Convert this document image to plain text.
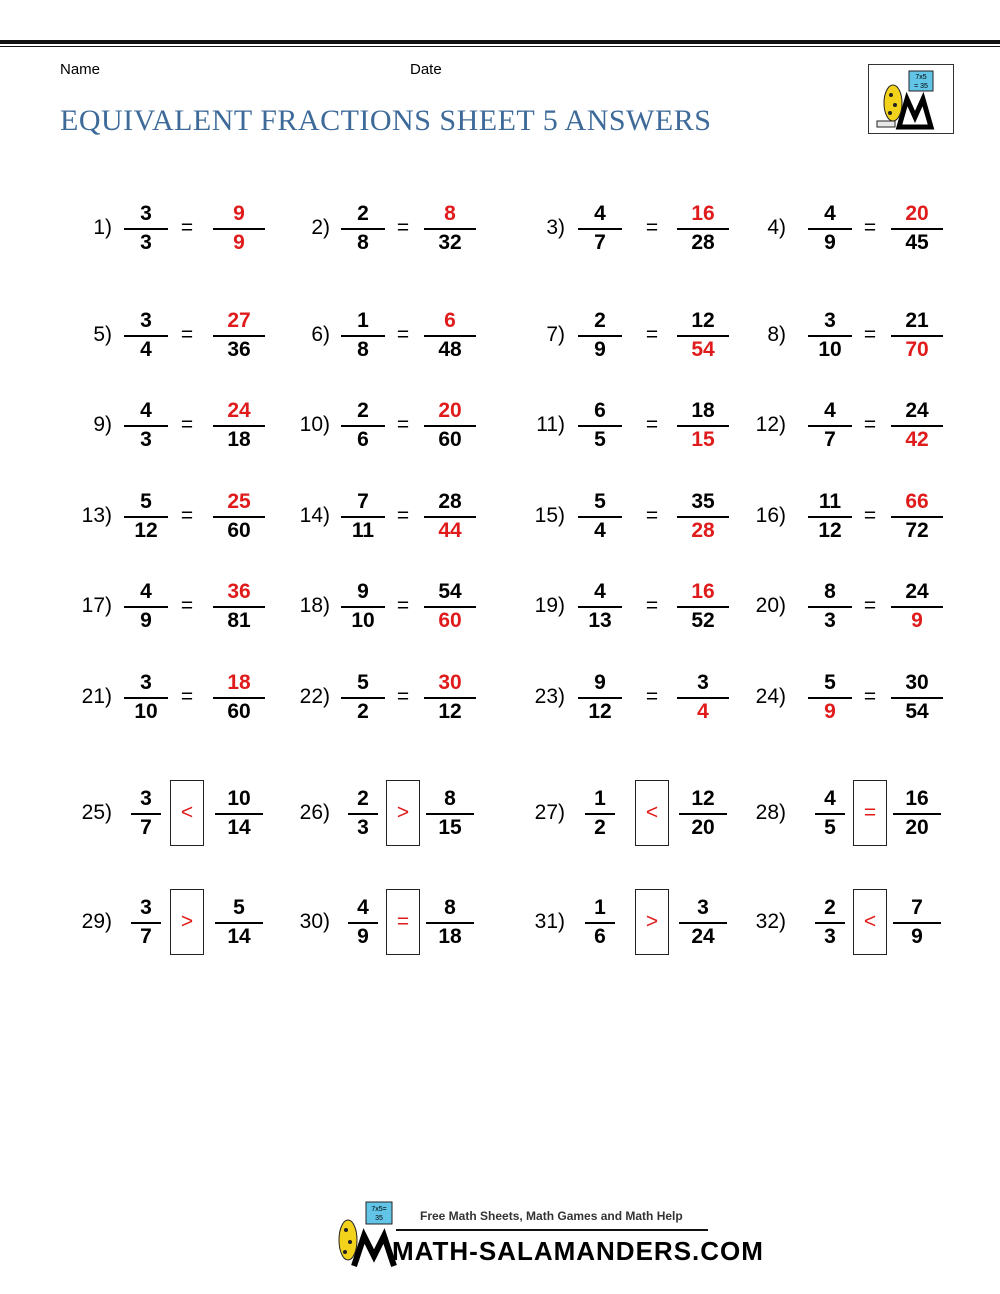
Name	Date
EQUIVALENT FRACTIONS SHEET 5 ANSWERS
7x5
= 35
1)
3
3
=
9
9
2)
2
8
=
8
32
3)
4
7
=
16
28
4)
4
9
=
20
45
5)
3
4
=
27
36
6)
1
8
=
6
48
7)
2
9
=
12
54
8)
3
10
=
21
70
9)
4
3
=
24
18
10)
2
6
=
20
60
11)
6
5
=
18
15
12)
4
7
=
24
42
13)
5
12
=
25
60
14)
7
11
=
28
44
15)
5
4
=
35
28
16)
11
12
=
66
72
17)
4
9
=
36
81
18)
9
10
=
54
60
19)
4
13
=
16
52
20)
8
3
=
24
9
21)
3
10
=
18
60
22)
5
2
=
30
12
23)
9
12
=
3
4
24)
5
9
=
30
54
25)
3
7
<
10
14
26)
2
3
>
8
15
27)
1
2
<
12
20
28)
4
5
=
16
20
29)
3
7
>
5
14
30)
4
9
=
8
18
31)
1
6
>
3
24
32)
2
3
<
7
9
7x5=
35	Free Math Sheets, Math Games and Math Help
MATH-SALAMANDERS.COM
